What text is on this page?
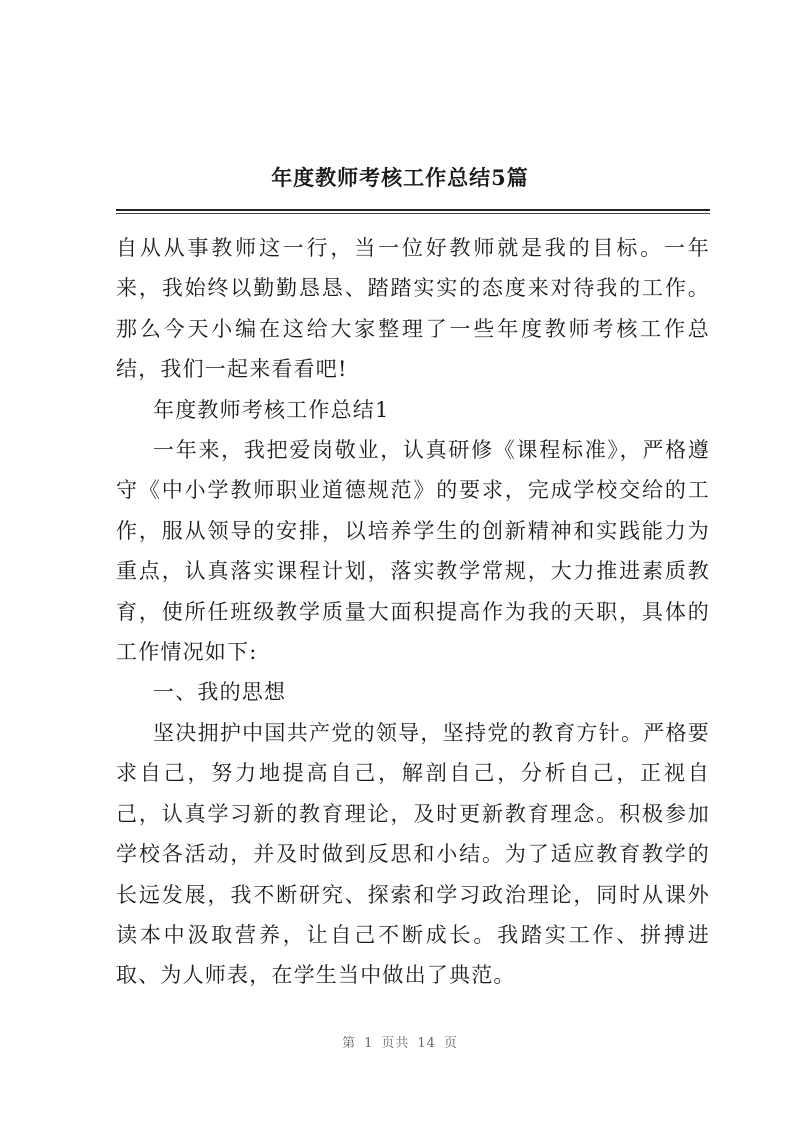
年度教师考核工作总结5篇

自从从事教师这一行，当一位好教师就是我的目标。一年来，我始终以勤勤恳恳、踏踏实实的态度来对待我的工作。那么今天小编在这给大家整理了一些年度教师考核工作总结，我们一起来看看吧!

年度教师考核工作总结1

一年来，我把爱岗敬业，认真研修《课程标准》，严格遵守《中小学教师职业道德规范》的要求，完成学校交给的工作，服从领导的安排，以培养学生的创新精神和实践能力为重点，认真落实课程计划，落实教学常规，大力推进素质教育，使所任班级教学质量大面积提高作为我的天职，具体的工作情况如下:

一、我的思想

坚决拥护中国共产党的领导，坚持党的教育方针。严格要求自己，努力地提高自己，解剖自己，分析自己，正视自己，认真学习新的教育理论，及时更新教育理念。积极参加学校各活动，并及时做到反思和小结。为了适应教育教学的长远发展，我不断研究、探索和学习政治理论，同时从课外读本中汲取营养，让自己不断成长。我踏实工作、拼搏进取、为人师表，在学生当中做出了典范。

第 1 页共 14 页
